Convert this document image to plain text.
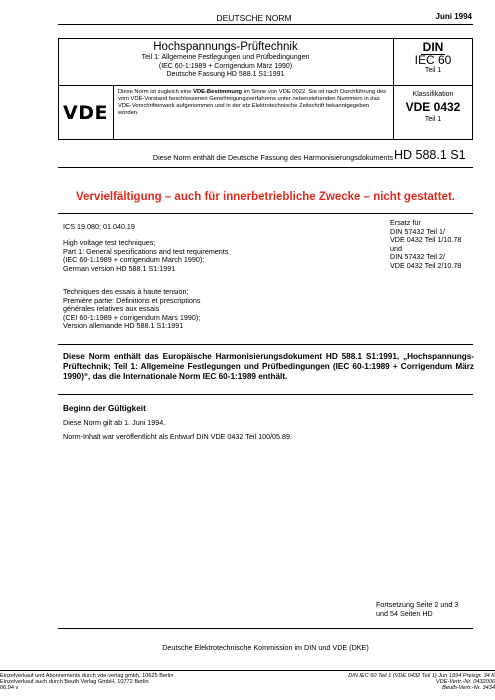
DEUTSCHE NORM	Juni 1994
Hochspannungs-Prüftechnik
Teil 1: Allgemeine Festlegungen und Prüfbedingungen
(IEC 60-1:1989 + Corrigendum März 1990)
Deutsche Fassung HD 588.1 S1:1991
DIN
IEC 60
Teil 1
VDE
Diese Norm ist zugleich eine VDE-Bestimmung im Sinne von VDE 0022. Sie ist nach Durchführung des vom VDE-Vorstand beschlossenen Genehmigungsverfahrens unter nebenstehenden Nummern in das VDE-Vorschriftenwerk aufgenommen und in der etz Elektrotechnische Zeitschrift bekanntgegeben worden.
Klassifikation
VDE 0432
Teil 1
Diese Norm enthält die Deutsche Fassung des Harmonisierungsdokuments HD 588.1 S1
Vervielfältigung – auch für innerbetriebliche Zwecke – nicht gestattet.
ICS 19.080; 01.040.19
High voltage test techniques;
Part 1: General specifications and test requirements
(IEC 60-1:1989 + corrigendum March 1990);
German version HD 588.1 S1:1991
Techniques des essais à haute tension;
Première partie: Définitions et prescriptions
générales relatives aux essais
(CEI 60-1:1989 + corrigendum Mars 1990);
Version allemande HD 588.1 S1:1991
Ersatz für
DIN 57432 Teil 1/
VDE 0432 Teil 1/10.78
und
DIN 57432 Teil 2/
VDE 0432 Teil 2/10.78
Diese Norm enthält das Europäische Harmonisierungsdokument HD 588.1 S1:1991, „Hochspannungs- Prüftechnik; Teil 1: Allgemeine Festlegungen und Prüfbedingungen (IEC 60-1:1989 + Corrigendum März 1990)“, das die Internationale Norm IEC 60-1:1989 enthält.
Beginn der Gültigkeit
Diese Norm gilt ab 1. Juni 1994.
Norm-Inhalt war veröffentlicht als Entwurf DIN VDE 0432 Teil 100/05.89.
Fortsetzung Seite 2 und 3
und 54 Seiten HD
Deutsche Elektrotechnische Kommission im DIN und VDE (DKE)
Einzelverkauf und Abonnements durch vde-verlag gmbh, 10625 Berlin
Einzelverkauf auch durch Beuth Verlag GmbH, 10772 Berlin
06.94 v
DIN IEC 60 Teil 1 (VDE 0432 Teil 1) Jun 1994 Preisgr. 34 K
VDE-Vertr.-Nr. 0432006
Beuth-Vertr.-Nr. 3434
